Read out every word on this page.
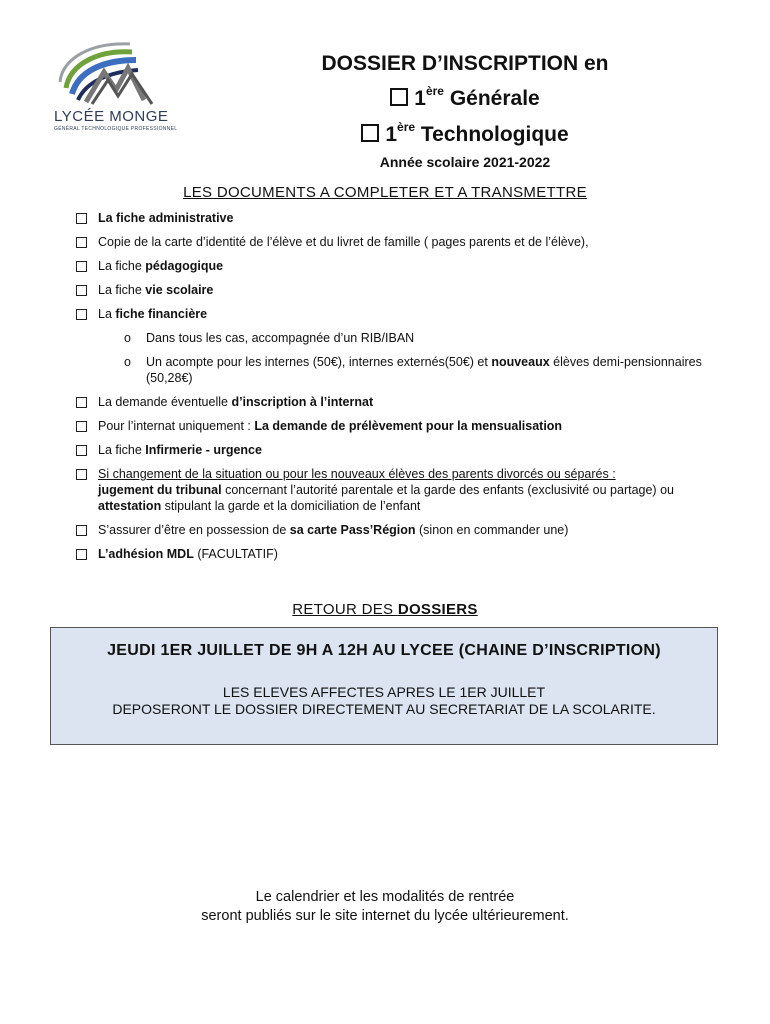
LYCÉE MONGE
GÉNÉRAL TECHNOLOGIQUE PROFESSIONNEL
DOSSIER D’INSCRIPTION en
1ère Générale
1ère Technologique
Année scolaire 2021-2022
LES DOCUMENTS A COMPLETER ET A TRANSMETTRE
La fiche administrative
Copie de la carte d’identité de l’élève et du livret de famille ( pages parents et de l’élève),
La fiche pédagogique
La fiche vie scolaire
La fiche financière
o Dans tous les cas, accompagnée d’un RIB/IBAN
o Un acompte pour les internes (50€), internes externés(50€) et nouveaux élèves demi-pensionnaires (50,28€)
La demande éventuelle d’inscription à l’internat
Pour l’internat uniquement : La demande de prélèvement pour la mensualisation
La fiche Infirmerie - urgence
Si changement de la situation ou pour les nouveaux élèves des parents divorcés ou séparés :
jugement du tribunal concernant l’autorité parentale et la garde des enfants (exclusivité ou partage) ou attestation stipulant la garde et la domiciliation de l’enfant
S’assurer d’être en possession de sa carte Pass’Région (sinon en commander une)
L’adhésion MDL (FACULTATIF)
RETOUR DES DOSSIERS
JEUDI 1ER JUILLET DE 9H A 12H AU LYCEE (CHAINE D’INSCRIPTION)
LES ELEVES AFFECTES APRES LE 1ER JUILLET
DEPOSERONT LE DOSSIER DIRECTEMENT AU SECRETARIAT DE LA SCOLARITE.
Le calendrier et les modalités de rentrée
seront publiés sur le site internet du lycée ultérieurement.
